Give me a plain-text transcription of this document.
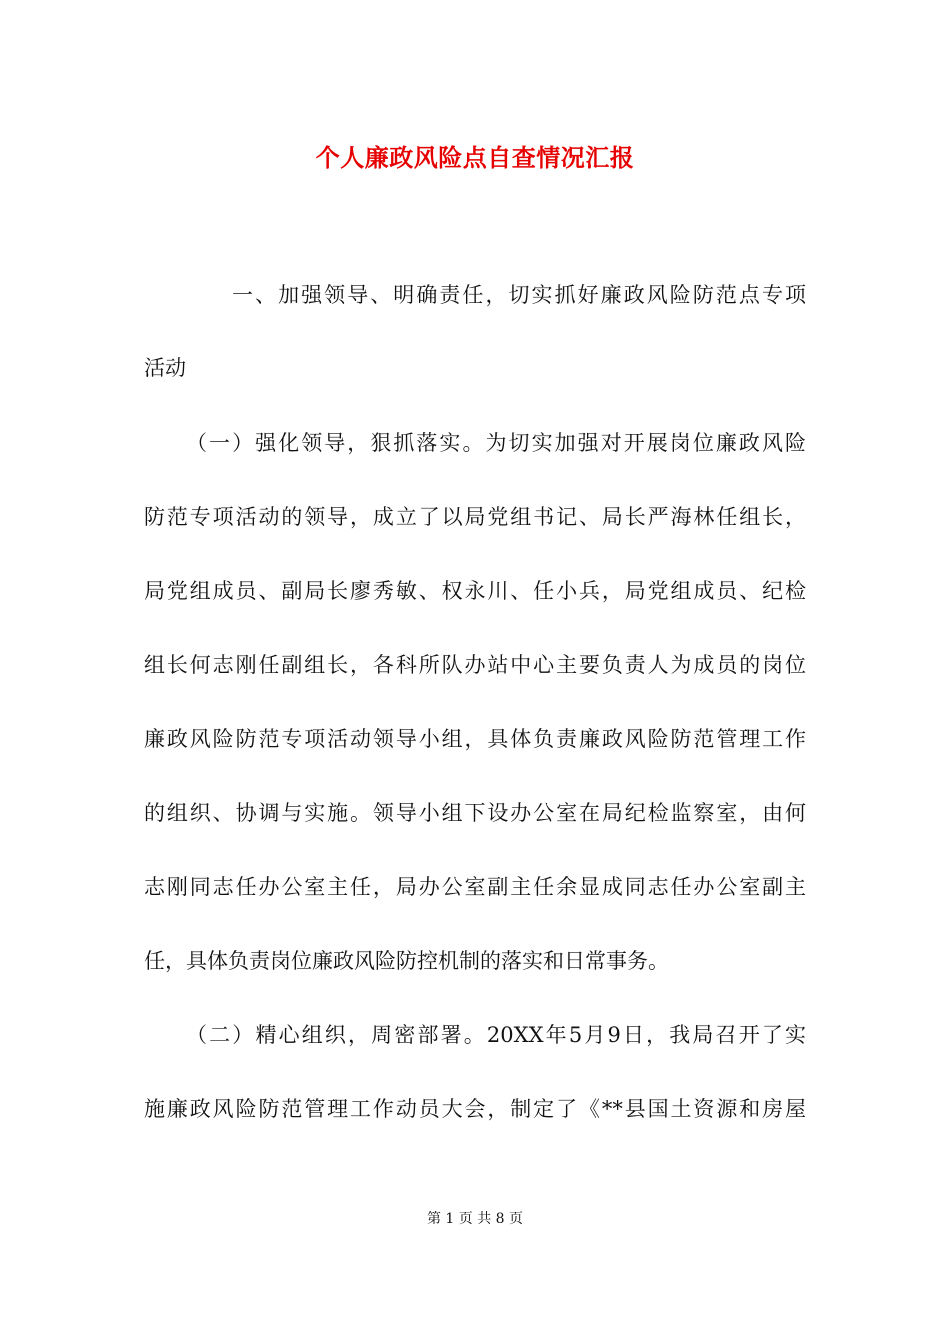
个人廉政风险点自查情况汇报
一、加强领导、明确责任，切实抓好廉政风险防范点专项
活动
（一）强化领导，狠抓落实。为切实加强对开展岗位廉政风险
防范专项活动的领导，成立了以局党组书记、局长严海林任组长，
局党组成员、副局长廖秀敏、权永川、任小兵，局党组成员、纪检
组长何志刚任副组长，各科所队办站中心主要负责人为成员的岗位
廉政风险防范专项活动领导小组，具体负责廉政风险防范管理工作
的组织、协调与实施。领导小组下设办公室在局纪检监察室，由何
志刚同志任办公室主任，局办公室副主任余显成同志任办公室副主
任，具体负责岗位廉政风险防控机制的落实和日常事务。
（二）精心组织，周密部署。20XX年5月9日，我局召开了实
施廉政风险防范管理工作动员大会，制定了《**县国土资源和房屋
第 1 页 共 8 页
